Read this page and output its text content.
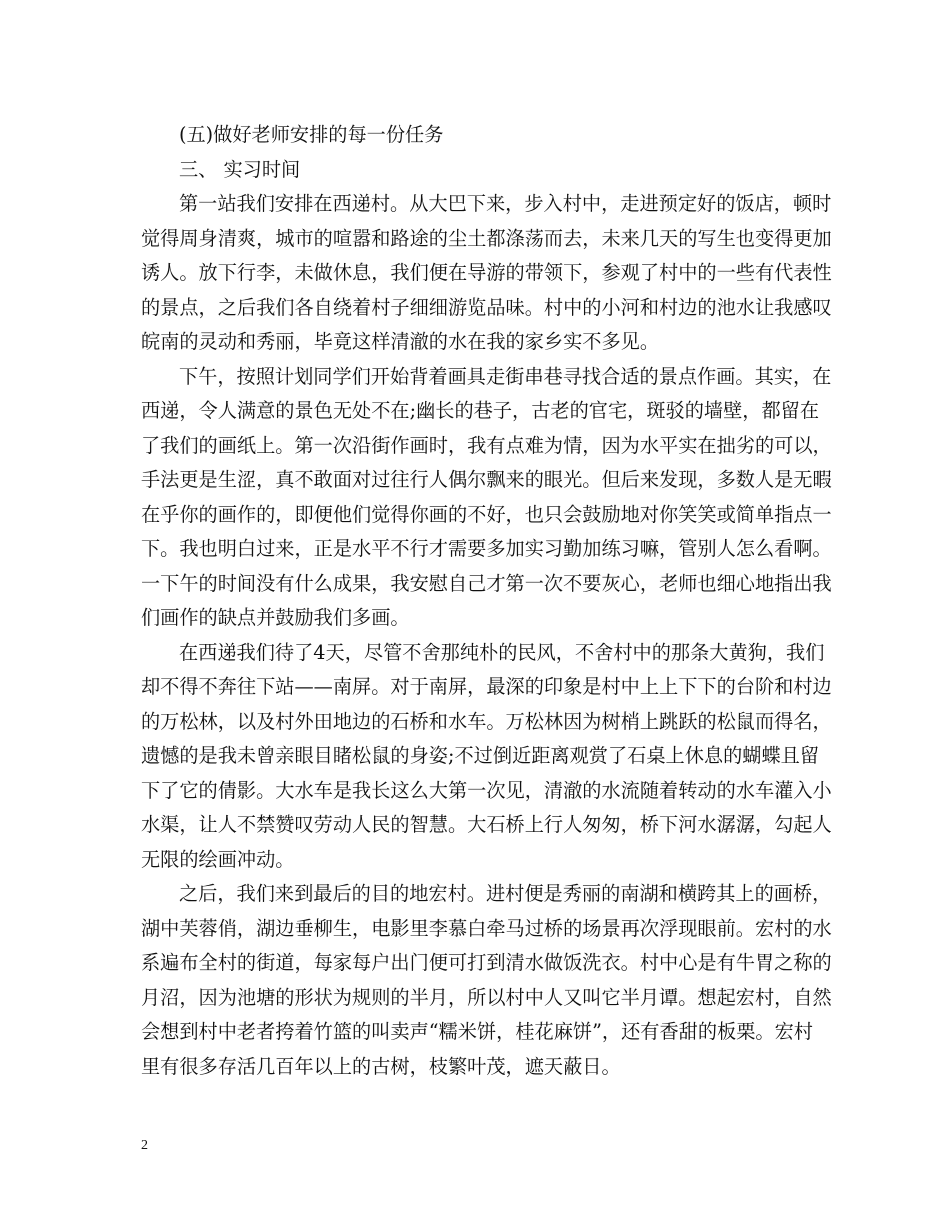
(五)做好老师安排的每一份任务
三、 实习时间
第一站我们安排在西递村。从大巴下来，步入村中，走进预定好的饭店，顿时
觉得周身清爽，城市的喧嚣和路途的尘土都涤荡而去，未来几天的写生也变得更加
诱人。放下行李，未做休息，我们便在导游的带领下，参观了村中的一些有代表性
的景点，之后我们各自绕着村子细细游览品味。村中的小河和村边的池水让我感叹
皖南的灵动和秀丽，毕竟这样清澈的水在我的家乡实不多见。
下午，按照计划同学们开始背着画具走街串巷寻找合适的景点作画。其实，在
西递，令人满意的景色无处不在;幽长的巷子，古老的官宅，斑驳的墙壁，都留在
了我们的画纸上。第一次沿街作画时，我有点难为情，因为水平实在拙劣的可以，
手法更是生涩，真不敢面对过往行人偶尔飘来的眼光。但后来发现，多数人是无暇
在乎你的画作的，即便他们觉得你画的不好，也只会鼓励地对你笑笑或简单指点一
下。我也明白过来，正是水平不行才需要多加实习勤加练习嘛，管别人怎么看啊。
一下午的时间没有什么成果，我安慰自己才第一次不要灰心，老师也细心地指出我
们画作的缺点并鼓励我们多画。
在西递我们待了4天，尽管不舍那纯朴的民风，不舍村中的那条大黄狗，我们
却不得不奔往下站——南屏。对于南屏，最深的印象是村中上上下下的台阶和村边
的万松林，以及村外田地边的石桥和水车。万松林因为树梢上跳跃的松鼠而得名，
遗憾的是我未曾亲眼目睹松鼠的身姿;不过倒近距离观赏了石桌上休息的蝴蝶且留
下了它的倩影。大水车是我长这么大第一次见，清澈的水流随着转动的水车灌入小
水渠，让人不禁赞叹劳动人民的智慧。大石桥上行人匆匆，桥下河水潺潺，勾起人
无限的绘画冲动。
之后，我们来到最后的目的地宏村。进村便是秀丽的南湖和横跨其上的画桥，
湖中芙蓉俏，湖边垂柳生，电影里李慕白牵马过桥的场景再次浮现眼前。宏村的水
系遍布全村的街道，每家每户出门便可打到清水做饭洗衣。村中心是有牛胃之称的
月沼，因为池塘的形状为规则的半月，所以村中人又叫它半月谭。想起宏村，自然
会想到村中老者挎着竹篮的叫卖声“糯米饼，桂花麻饼”，还有香甜的板栗。宏村
里有很多存活几百年以上的古树，枝繁叶茂，遮天蔽日。
2
